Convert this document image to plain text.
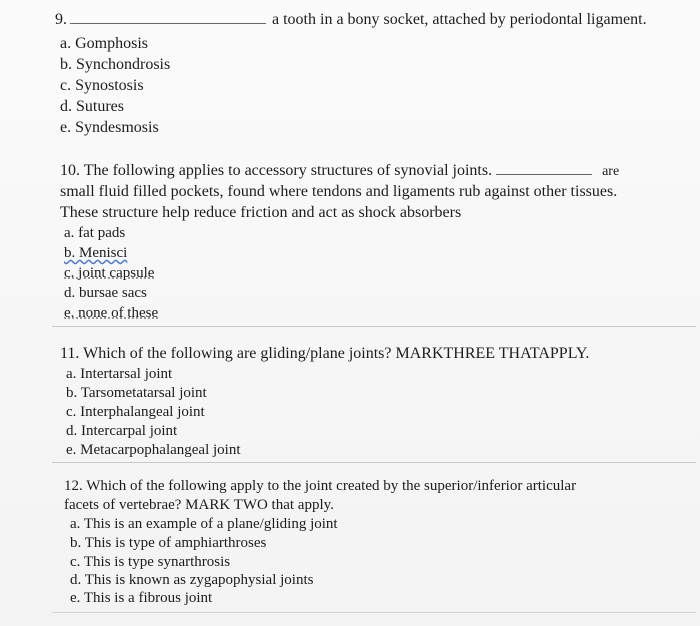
9.	a tooth in a bony socket, attached by periodontal ligament.
a. Gomphosis
b. Synchondrosis
c. Synostosis
d. Sutures
e. Syndesmosis
10. The following applies to accessory structures of synovial joints.	are
small fluid filled pockets, found where tendons and ligaments rub against other tissues.
These structure help reduce friction and act as shock absorbers
a. fat pads
b. Menisci
c. joint capsule
d. bursae sacs
e. none of these
11. Which of the following are gliding/plane joints? MARKTHREE THATAPPLY.
a. Intertarsal joint
b. Tarsometatarsal joint
c. Interphalangeal joint
d. Intercarpal joint
e. Metacarpophalangeal joint
12. Which of the following apply to the joint created by the superior/inferior articular
facets of vertebrae? MARK TWO that apply.
a. This is an example of a plane/gliding joint
b. This is type of amphiarthroses
c. This is type synarthrosis
d. This is known as zygapophysial joints
e. This is a fibrous joint
